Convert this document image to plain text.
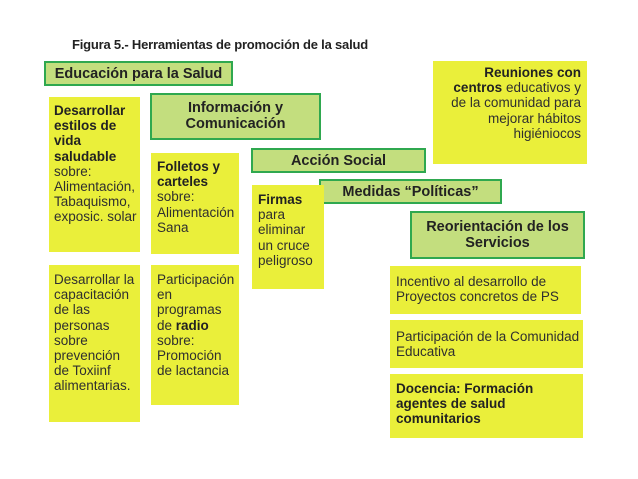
Figura 5.- Herramientas de promoción de la salud
Educación para la Salud
Información y
Comunicación
Acción Social
Medidas “Políticas”
Reorientación de los
Servicios
Reuniones con
centros educativos y
de la comunidad para
mejorar hábitos
higiéniocos
Desarrollar
estilos de
vida
saludable
sobre:
Alimentación,
Tabaquismo,
exposic. solar
Folletos y
carteles
sobre:
Alimentación
Sana
Firmas
para
eliminar
un cruce
peligroso
Desarrollar la
capacitación
de las
personas
sobre
prevención
de Toxiinf
alimentarias.
Participación
en
programas
de radio
sobre:
Promoción
de lactancia
Incentivo al desarrollo de
Proyectos concretos de PS
Participación de la Comunidad
Educativa
Docencia: Formación
agentes de salud
comunitarios
